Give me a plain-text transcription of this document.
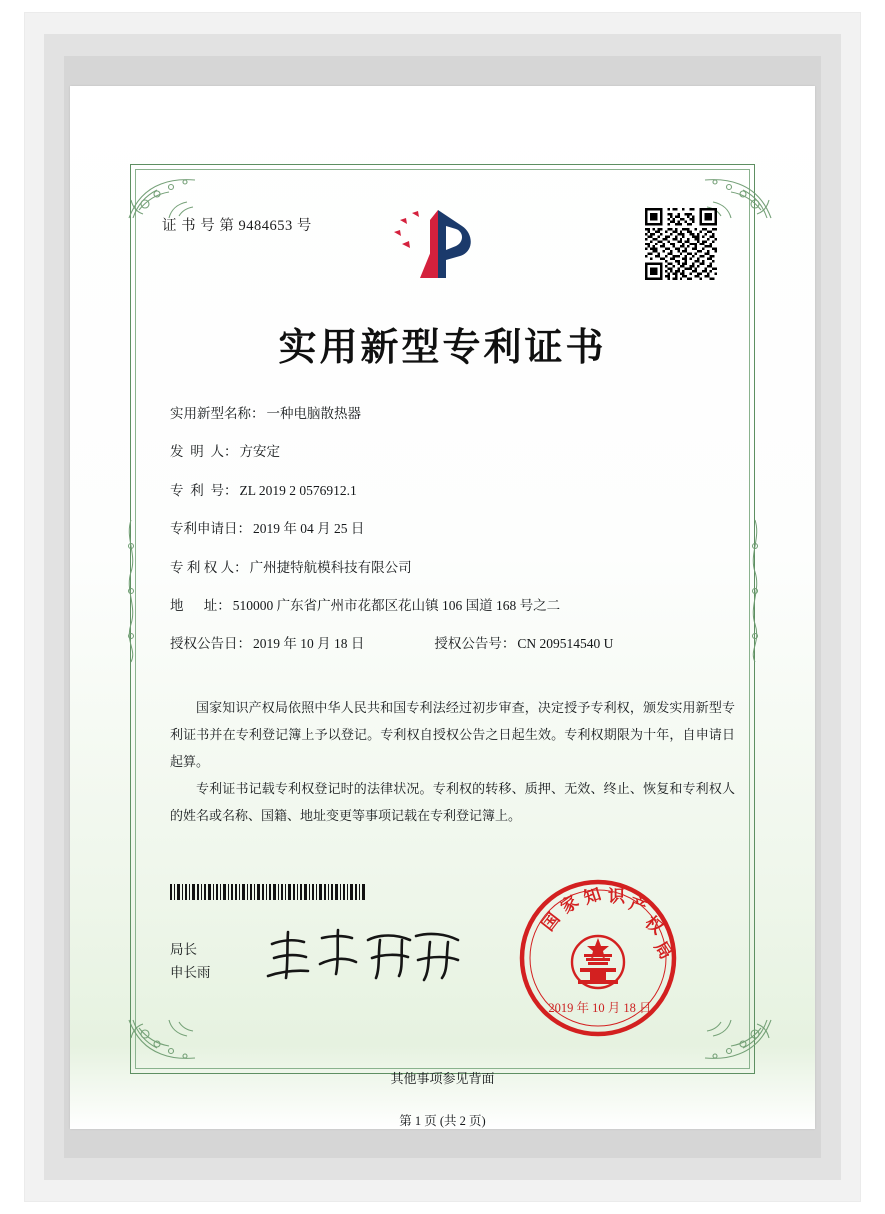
证 书 号 第 9484653 号
实用新型专利证书
实用新型名称： 一种电脑散热器
发  明  人： 方安定
专  利  号： ZL 2019 2 0576912.1
专利申请日： 2019 年 04 月 25 日
专 利 权 人： 广州捷特航模科技有限公司
地      址： 510000 广东省广州市花都区花山镇 106 国道 168 号之二
授权公告日： 2019 年 10 月 18 日	授权公告号： CN 209514540 U

国家知识产权局依照中华人民共和国专利法经过初步审查，决定授予专利权，颁发实用新型专利证书并在专利登记簿上予以登记。专利权自授权公告之日起生效。专利权期限为十年，自申请日起算。

专利证书记载专利权登记时的法律状况。专利权的转移、质押、无效、终止、恢复和专利权人的姓名或名称、国籍、地址变更等事项记载在专利登记簿上。

局长
申长雨
国
家
知 识 产
权
局
2019 年 10 月 18 日
第 1 页 (共 2 页)
其他事项参见背面
